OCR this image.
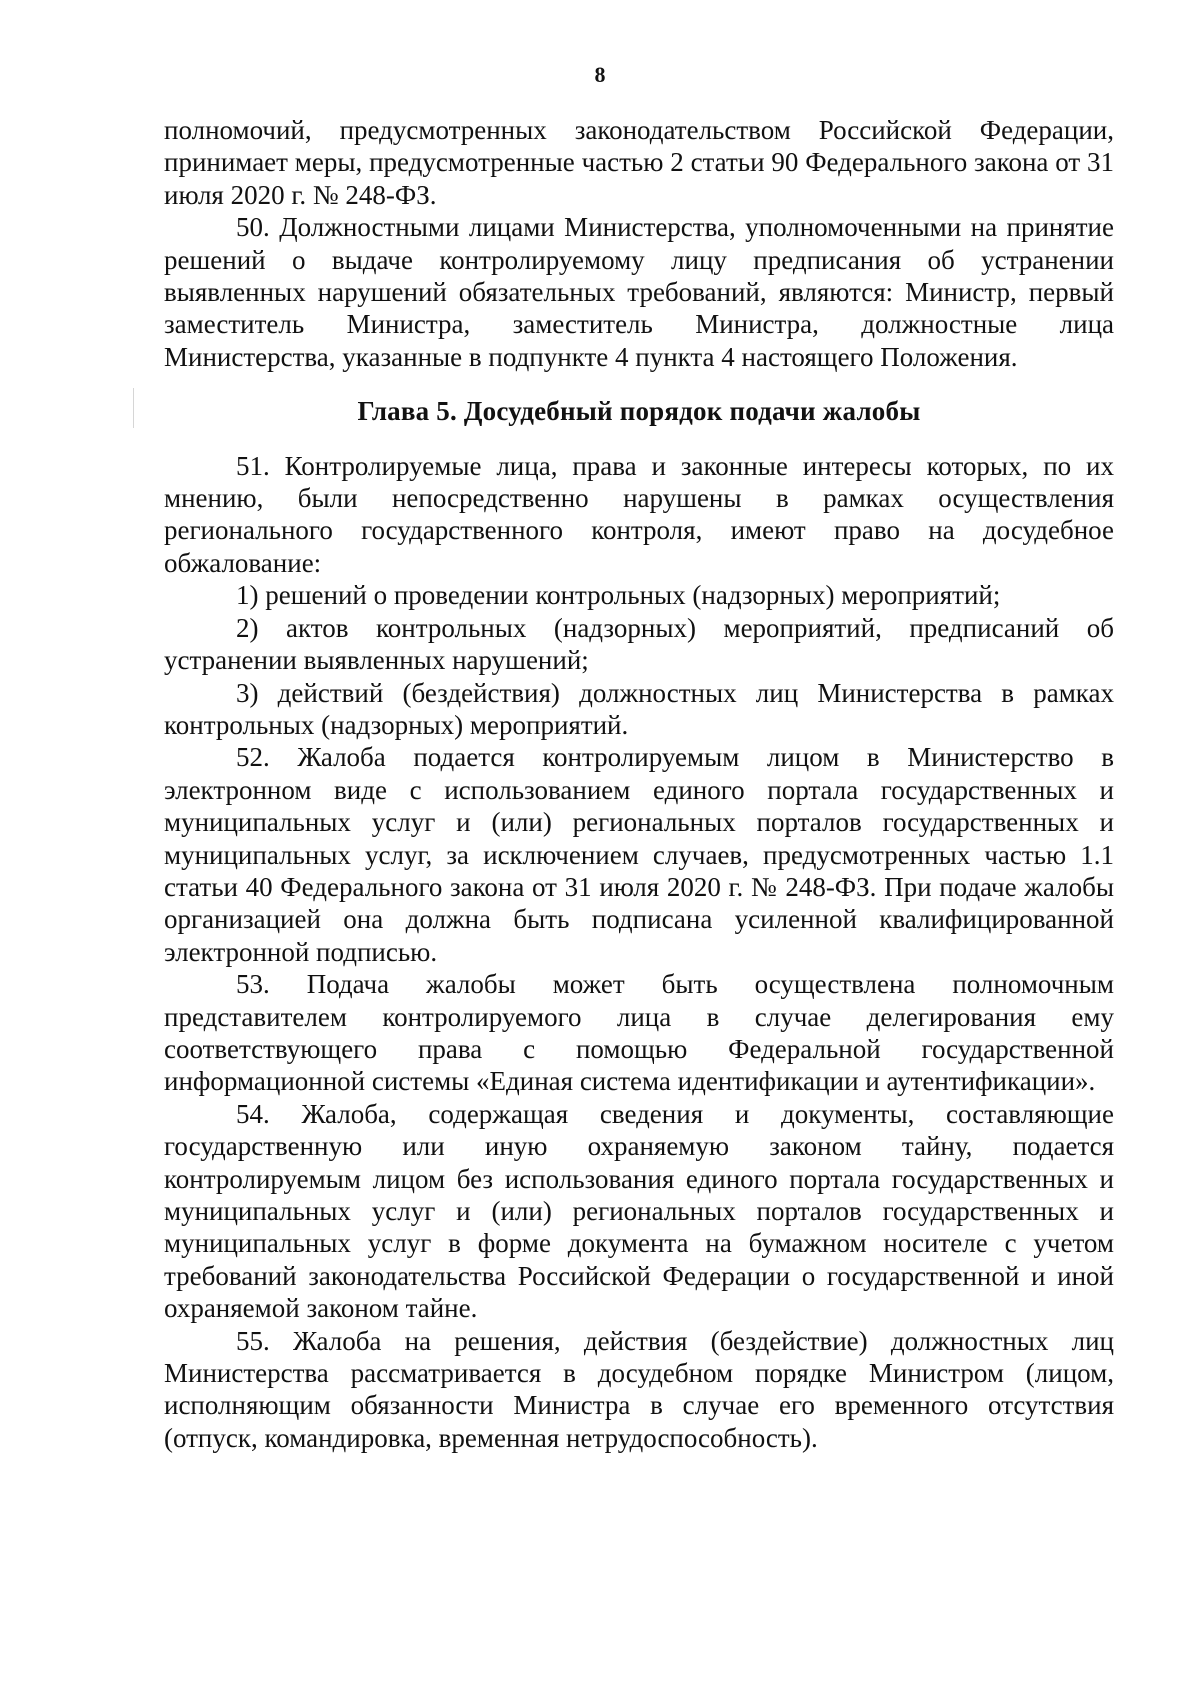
8

полномочий, предусмотренных законодательством Российской Федерации, принимает меры, предусмотренные частью 2 статьи 90 Федерального закона от 31 июля 2020 г. № 248-ФЗ.

50. Должностными лицами Министерства, уполномоченными на принятие решений о выдаче контролируемому лицу предписания об устранении выявленных нарушений обязательных требований, являются: Министр, первый заместитель Министра, заместитель Министра, должностные лица Министерства, указанные в подпункте 4 пункта 4 настоящего Положения.

Глава 5. Досудебный порядок подачи жалобы

51. Контролируемые лица, права и законные интересы которых, по их мнению, были непосредственно нарушены в рамках осуществления регионального государственного контроля, имеют право на досудебное обжалование:

1) решений о проведении контрольных (надзорных) мероприятий;

2) актов контрольных (надзорных) мероприятий, предписаний об устранении выявленных нарушений;

3) действий (бездействия) должностных лиц Министерства в рамках контрольных (надзорных) мероприятий.

52. Жалоба подается контролируемым лицом в Министерство в электронном виде с использованием единого портала государственных и муниципальных услуг и (или) региональных порталов государственных и муниципальных услуг, за исключением случаев, предусмотренных частью 1.1 статьи 40 Федерального закона от 31 июля 2020 г. № 248-ФЗ. При подаче жалобы организацией она должна быть подписана усиленной квалифицированной электронной подписью.

53. Подача жалобы может быть осуществлена полномочным представителем контролируемого лица в случае делегирования ему соответствующего права с помощью Федеральной государственной информационной системы «Единая система идентификации и аутентификации».

54. Жалоба, содержащая сведения и документы, составляющие государственную или иную охраняемую законом тайну, подается контролируемым лицом без использования единого портала государственных и муниципальных услуг и (или) региональных порталов государственных и муниципальных услуг в форме документа на бумажном носителе с учетом требований законодательства Российской Федерации о государственной и иной охраняемой законом тайне.

55. Жалоба на решения, действия (бездействие) должностных лиц Министерства рассматривается в досудебном порядке Министром (лицом, исполняющим обязанности Министра в случае его временного отсутствия (отпуск, командировка, временная нетрудоспособность).
